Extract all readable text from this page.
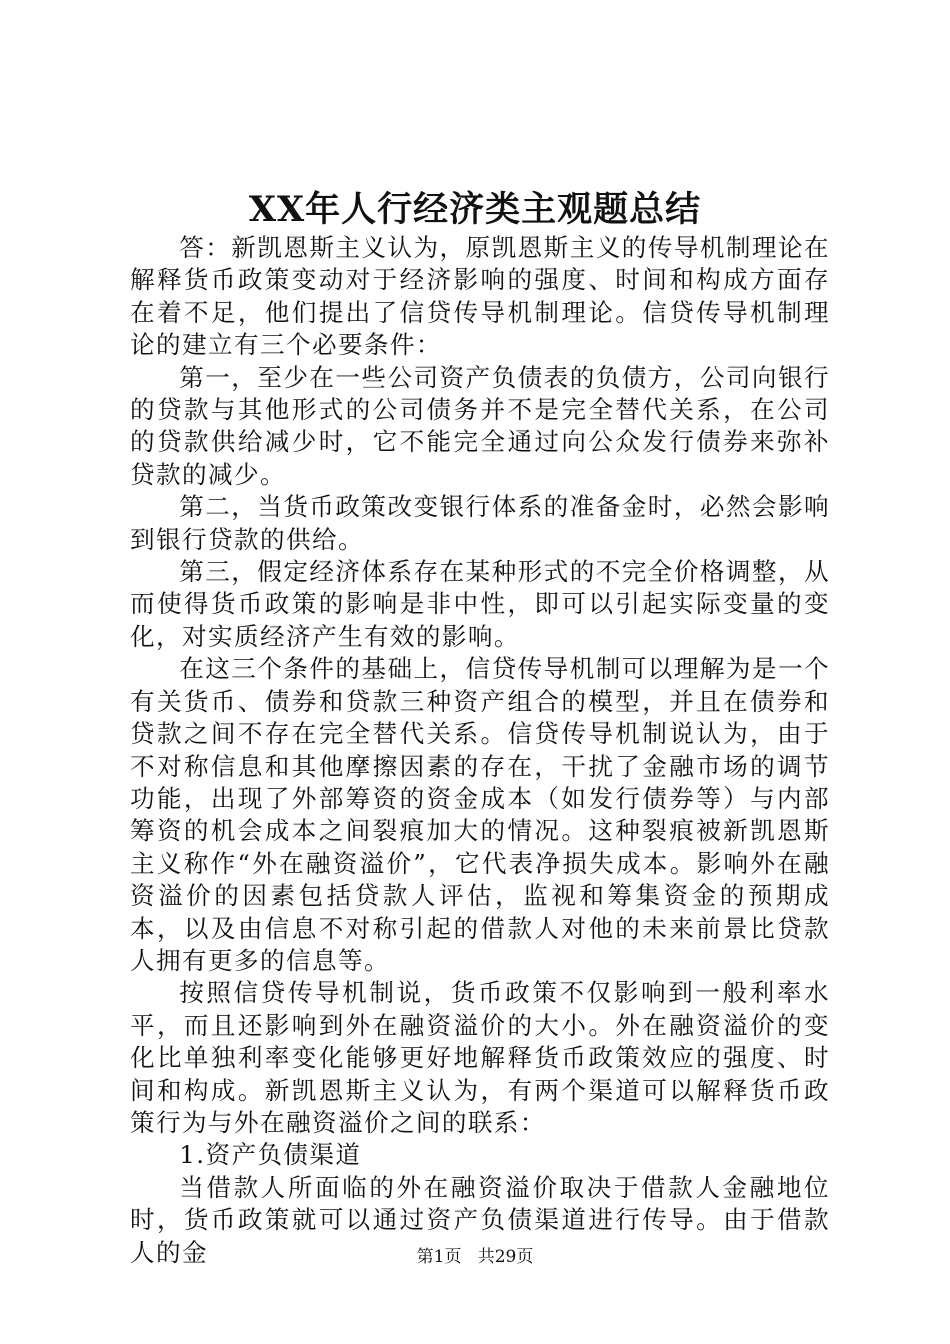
XX年人行经济类主观题总结

答：新凯恩斯主义认为，原凯恩斯主义的传导机制理论在解释货币政策变动对于经济影响的强度、时间和构成方面存在着不足，他们提出了信贷传导机制理论。信贷传导机制理论的建立有三个必要条件：

第一，至少在一些公司资产负债表的负债方，公司向银行的贷款与其他形式的公司债务并不是完全替代关系，在公司的贷款供给减少时，它不能完全通过向公众发行债券来弥补贷款的减少。

第二，当货币政策改变银行体系的准备金时，必然会影响到银行贷款的供给。

第三，假定经济体系存在某种形式的不完全价格调整，从而使得货币政策的影响是非中性，即可以引起实际变量的变化，对实质经济产生有效的影响。

在这三个条件的基础上，信贷传导机制可以理解为是一个有关货币、债券和贷款三种资产组合的模型，并且在债券和贷款之间不存在完全替代关系。信贷传导机制说认为，由于不对称信息和其他摩擦因素的存在，干扰了金融市场的调节功能，出现了外部筹资的资金成本（如发行债券等）与内部筹资的机会成本之间裂痕加大的情况。这种裂痕被新凯恩斯主义称作“外在融资溢价”，它代表净损失成本。影响外在融资溢价的因素包括贷款人评估，监视和筹集资金的预期成本，以及由信息不对称引起的借款人对他的未来前景比贷款人拥有更多的信息等。

按照信贷传导机制说，货币政策不仅影响到一般利率水平，而且还影响到外在融资溢价的大小。外在融资溢价的变化比单独利率变化能够更好地解释货币政策效应的强度、时间和构成。新凯恩斯主义认为，有两个渠道可以解释货币政策行为与外在融资溢价之间的联系：

1.资产负债渠道

当借款人所面临的外在融资溢价取决于借款人金融地位时，货币政策就可以通过资产负债渠道进行传导。由于借款人的金	第1页 共29页
